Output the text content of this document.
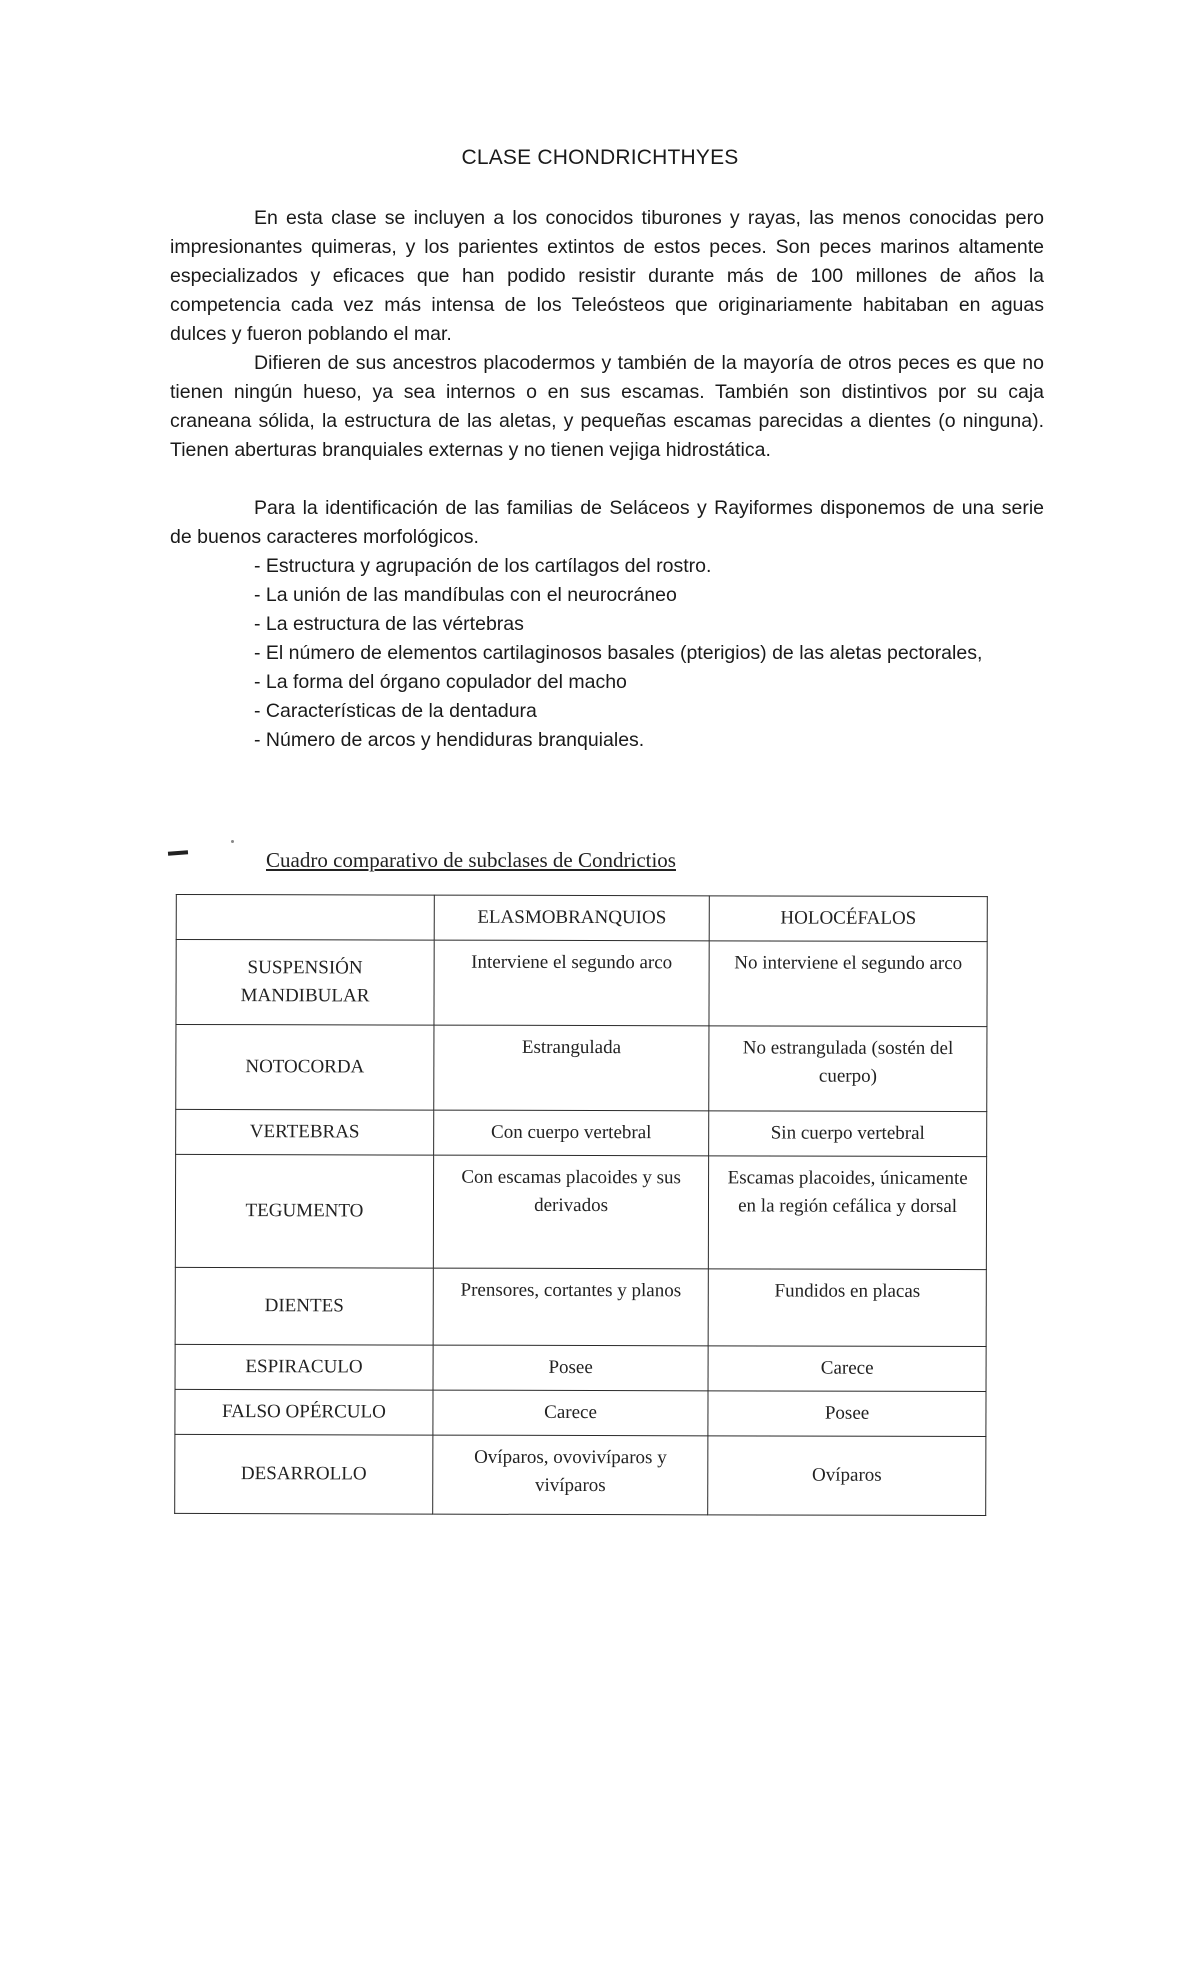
CLASE CHONDRICHTHYES

En esta clase se incluyen a los conocidos tiburones y rayas, las menos conocidas pero impresionantes quimeras, y los parientes extintos de estos peces. Son peces marinos altamente especializados y eficaces que han podido resistir durante más de 100 millones de años la competencia cada vez más intensa de los Teleósteos que originariamente habitaban en aguas dulces y fueron poblando el mar.

Difieren de sus ancestros placodermos y también de la mayoría de otros peces es que no tienen ningún hueso, ya sea internos o en sus escamas. También son distintivos por su caja craneana sólida, la estructura de las aletas, y pequeñas escamas parecidas a dientes (o ninguna). Tienen aberturas branquiales externas y no tienen vejiga hidrostática.

Para la identificación de las familias de Seláceos y Rayiformes disponemos de una serie de buenos caracteres morfológicos.

- Estructura y agrupación de los cartílagos del rostro.
- La unión de las mandíbulas con el neurocráneo
- La estructura de las vértebras
- El número de elementos cartilaginosos basales (pterigios) de las aletas pectorales,
- La forma del órgano copulador del macho
- Características de la dentadura
- Número de arcos y hendiduras branquiales.
Cuadro comparativo de subclases de Condrictios
	ELASMOBRANQUIOS	HOLOCÉFALOS
SUSPENSIÓN MANDIBULAR	Interviene el segundo arco	No interviene el segundo arco
NOTOCORDA	Estrangulada	No estrangulada (sostén del cuerpo)
VERTEBRAS	Con cuerpo vertebral	Sin cuerpo vertebral
TEGUMENTO	Con escamas placoides y sus derivados	Escamas placoides, únicamente en la región cefálica y dorsal
DIENTES	Prensores, cortantes y planos	Fundidos en placas
ESPIRACULO	Posee	Carece
FALSO OPÉRCULO	Carece	Posee
DESARROLLO	Ovíparos, ovovivíparos y vivíparos	Ovíparos
